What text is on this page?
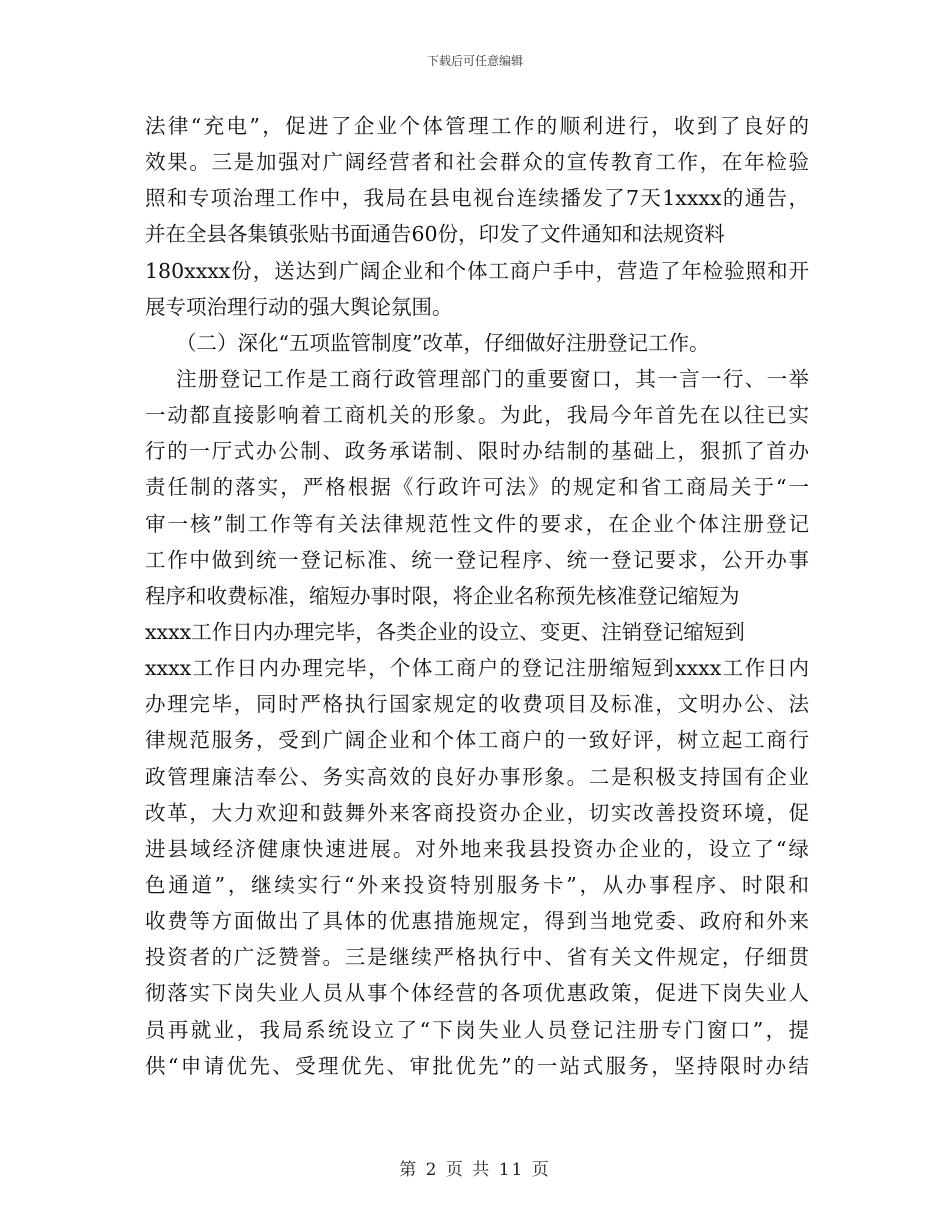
下载后可任意编辑
法律“充电”，促进了企业个体管理工作的顺利进行，收到了良好的
效果。三是加强对广阔经营者和社会群众的宣传教育工作，在年检验
照和专项治理工作中，我局在县电视台连续播发了7天1xxxx的通告，
并在全县各集镇张贴书面通告60份，印发了文件通知和法规资料
180xxxx份，送达到广阔企业和个体工商户手中，营造了年检验照和开
展专项治理行动的强大舆论氛围。
（二）深化“五项监管制度”改革，仔细做好注册登记工作。
注册登记工作是工商行政管理部门的重要窗口，其一言一行、一举
一动都直接影响着工商机关的形象。为此，我局今年首先在以往已实
行的一厅式办公制、政务承诺制、限时办结制的基础上，狠抓了首办
责任制的落实，严格根据《行政许可法》的规定和省工商局关于“一
审一核”制工作等有关法律规范性文件的要求，在企业个体注册登记
工作中做到统一登记标准、统一登记程序、统一登记要求，公开办事
程序和收费标准，缩短办事时限，将企业名称预先核准登记缩短为
xxxx工作日内办理完毕，各类企业的设立、变更、注销登记缩短到
xxxx工作日内办理完毕，个体工商户的登记注册缩短到xxxx工作日内
办理完毕，同时严格执行国家规定的收费项目及标准，文明办公、法
律规范服务，受到广阔企业和个体工商户的一致好评，树立起工商行
政管理廉洁奉公、务实高效的良好办事形象。二是积极支持国有企业
改革，大力欢迎和鼓舞外来客商投资办企业，切实改善投资环境，促
进县域经济健康快速进展。对外地来我县投资办企业的，设立了“绿
色通道”，继续实行“外来投资特别服务卡”，从办事程序、时限和
收费等方面做出了具体的优惠措施规定，得到当地党委、政府和外来
投资者的广泛赞誉。三是继续严格执行中、省有关文件规定，仔细贯
彻落实下岗失业人员从事个体经营的各项优惠政策，促进下岗失业人
员再就业，我局系统设立了“下岗失业人员登记注册专门窗口”，提
供“申请优先、受理优先、审批优先”的一站式服务，坚持限时办结
第 2 页 共 11 页
